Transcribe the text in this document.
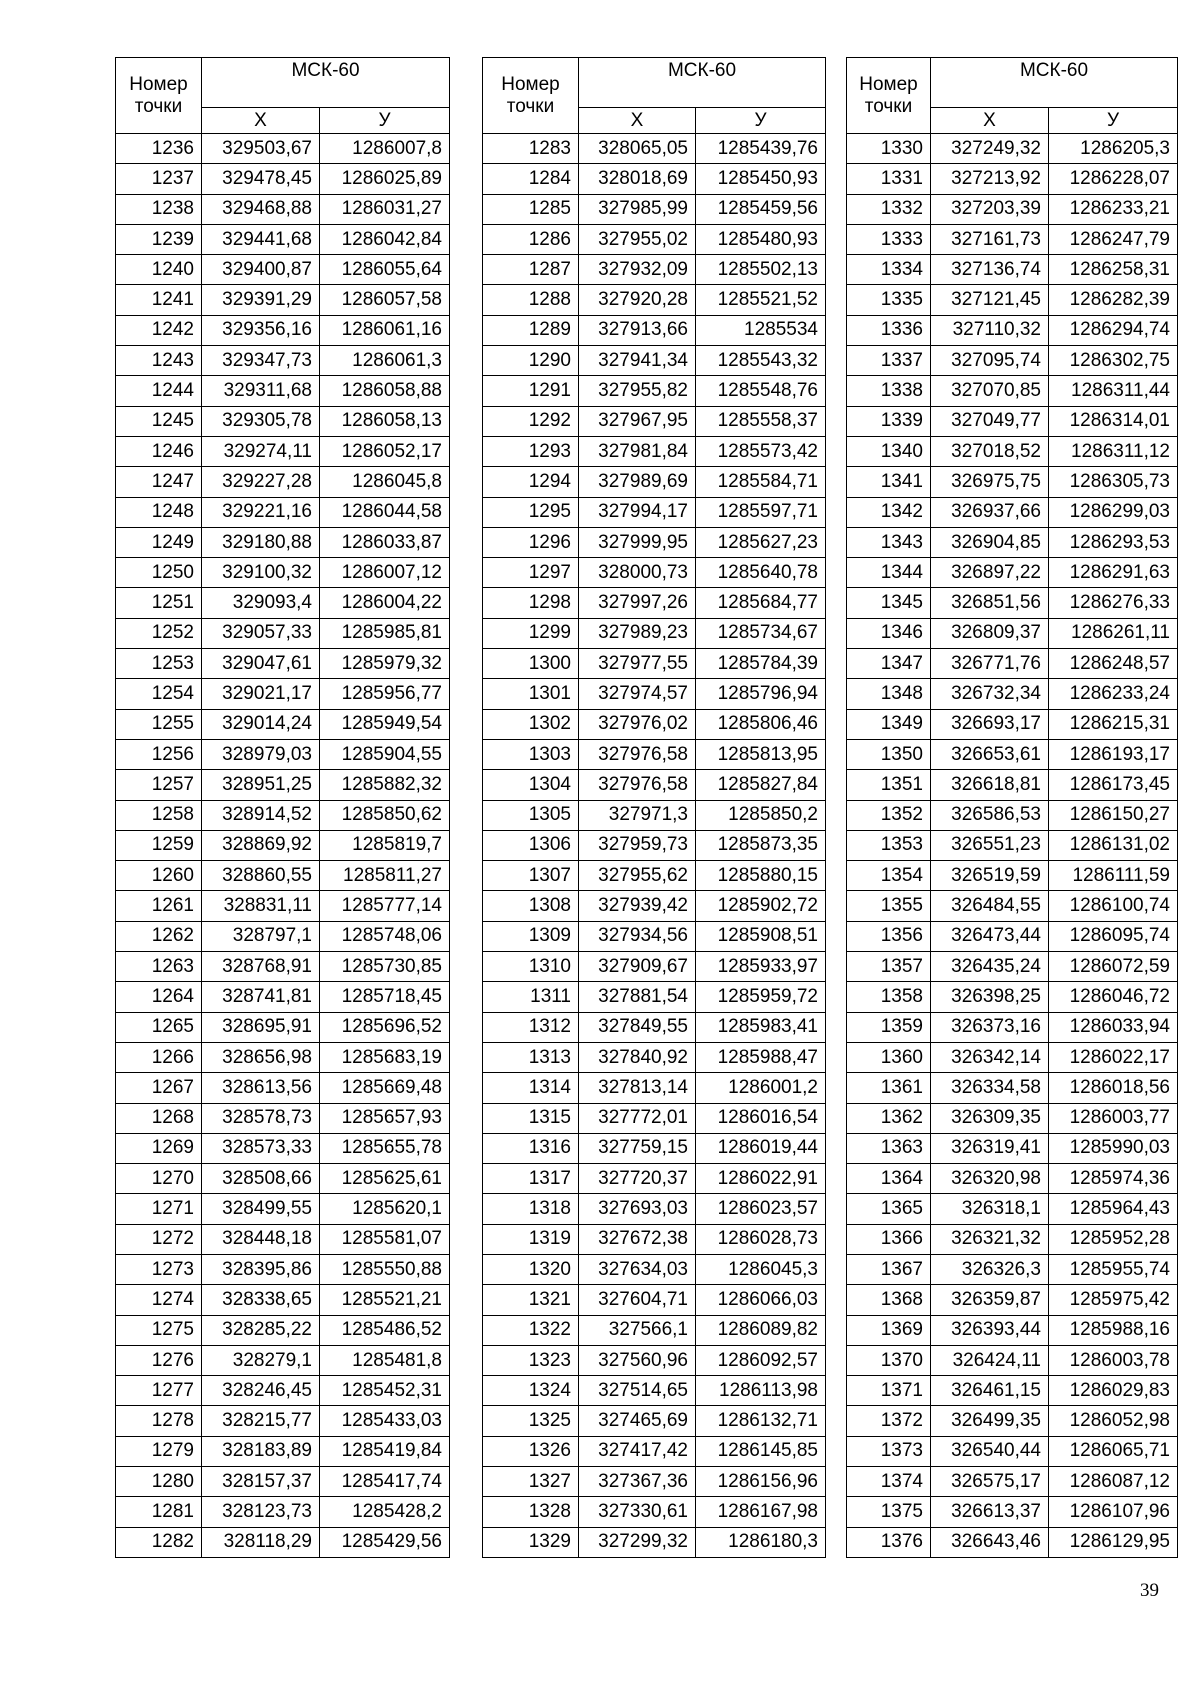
Номер
точки	МСК-60	
	X	У
1236	329503,67	1286007,8
1237	329478,45	1286025,89
1238	329468,88	1286031,27
1239	329441,68	1286042,84
1240	329400,87	1286055,64
1241	329391,29	1286057,58
1242	329356,16	1286061,16
1243	329347,73	1286061,3
1244	329311,68	1286058,88
1245	329305,78	1286058,13
1246	329274,11	1286052,17
1247	329227,28	1286045,8
1248	329221,16	1286044,58
1249	329180,88	1286033,87
1250	329100,32	1286007,12
1251	329093,4	1286004,22
1252	329057,33	1285985,81
1253	329047,61	1285979,32
1254	329021,17	1285956,77
1255	329014,24	1285949,54
1256	328979,03	1285904,55
1257	328951,25	1285882,32
1258	328914,52	1285850,62
1259	328869,92	1285819,7
1260	328860,55	1285811,27
1261	328831,11	1285777,14
1262	328797,1	1285748,06
1263	328768,91	1285730,85
1264	328741,81	1285718,45
1265	328695,91	1285696,52
1266	328656,98	1285683,19
1267	328613,56	1285669,48
1268	328578,73	1285657,93
1269	328573,33	1285655,78
1270	328508,66	1285625,61
1271	328499,55	1285620,1
1272	328448,18	1285581,07
1273	328395,86	1285550,88
1274	328338,65	1285521,21
1275	328285,22	1285486,52
1276	328279,1	1285481,8
1277	328246,45	1285452,31
1278	328215,77	1285433,03
1279	328183,89	1285419,84
1280	328157,37	1285417,74
1281	328123,73	1285428,2
1282	328118,29	1285429,56
Номер
точки	МСК-60	
	X	У
1283	328065,05	1285439,76
1284	328018,69	1285450,93
1285	327985,99	1285459,56
1286	327955,02	1285480,93
1287	327932,09	1285502,13
1288	327920,28	1285521,52
1289	327913,66	1285534
1290	327941,34	1285543,32
1291	327955,82	1285548,76
1292	327967,95	1285558,37
1293	327981,84	1285573,42
1294	327989,69	1285584,71
1295	327994,17	1285597,71
1296	327999,95	1285627,23
1297	328000,73	1285640,78
1298	327997,26	1285684,77
1299	327989,23	1285734,67
1300	327977,55	1285784,39
1301	327974,57	1285796,94
1302	327976,02	1285806,46
1303	327976,58	1285813,95
1304	327976,58	1285827,84
1305	327971,3	1285850,2
1306	327959,73	1285873,35
1307	327955,62	1285880,15
1308	327939,42	1285902,72
1309	327934,56	1285908,51
1310	327909,67	1285933,97
1311	327881,54	1285959,72
1312	327849,55	1285983,41
1313	327840,92	1285988,47
1314	327813,14	1286001,2
1315	327772,01	1286016,54
1316	327759,15	1286019,44
1317	327720,37	1286022,91
1318	327693,03	1286023,57
1319	327672,38	1286028,73
1320	327634,03	1286045,3
1321	327604,71	1286066,03
1322	327566,1	1286089,82
1323	327560,96	1286092,57
1324	327514,65	1286113,98
1325	327465,69	1286132,71
1326	327417,42	1286145,85
1327	327367,36	1286156,96
1328	327330,61	1286167,98
1329	327299,32	1286180,3
Номер
точки	МСК-60	
	X	У
1330	327249,32	1286205,3
1331	327213,92	1286228,07
1332	327203,39	1286233,21
1333	327161,73	1286247,79
1334	327136,74	1286258,31
1335	327121,45	1286282,39
1336	327110,32	1286294,74
1337	327095,74	1286302,75
1338	327070,85	1286311,44
1339	327049,77	1286314,01
1340	327018,52	1286311,12
1341	326975,75	1286305,73
1342	326937,66	1286299,03
1343	326904,85	1286293,53
1344	326897,22	1286291,63
1345	326851,56	1286276,33
1346	326809,37	1286261,11
1347	326771,76	1286248,57
1348	326732,34	1286233,24
1349	326693,17	1286215,31
1350	326653,61	1286193,17
1351	326618,81	1286173,45
1352	326586,53	1286150,27
1353	326551,23	1286131,02
1354	326519,59	1286111,59
1355	326484,55	1286100,74
1356	326473,44	1286095,74
1357	326435,24	1286072,59
1358	326398,25	1286046,72
1359	326373,16	1286033,94
1360	326342,14	1286022,17
1361	326334,58	1286018,56
1362	326309,35	1286003,77
1363	326319,41	1285990,03
1364	326320,98	1285974,36
1365	326318,1	1285964,43
1366	326321,32	1285952,28
1367	326326,3	1285955,74
1368	326359,87	1285975,42
1369	326393,44	1285988,16
1370	326424,11	1286003,78
1371	326461,15	1286029,83
1372	326499,35	1286052,98
1373	326540,44	1286065,71
1374	326575,17	1286087,12
1375	326613,37	1286107,96
1376	326643,46	1286129,95
39
